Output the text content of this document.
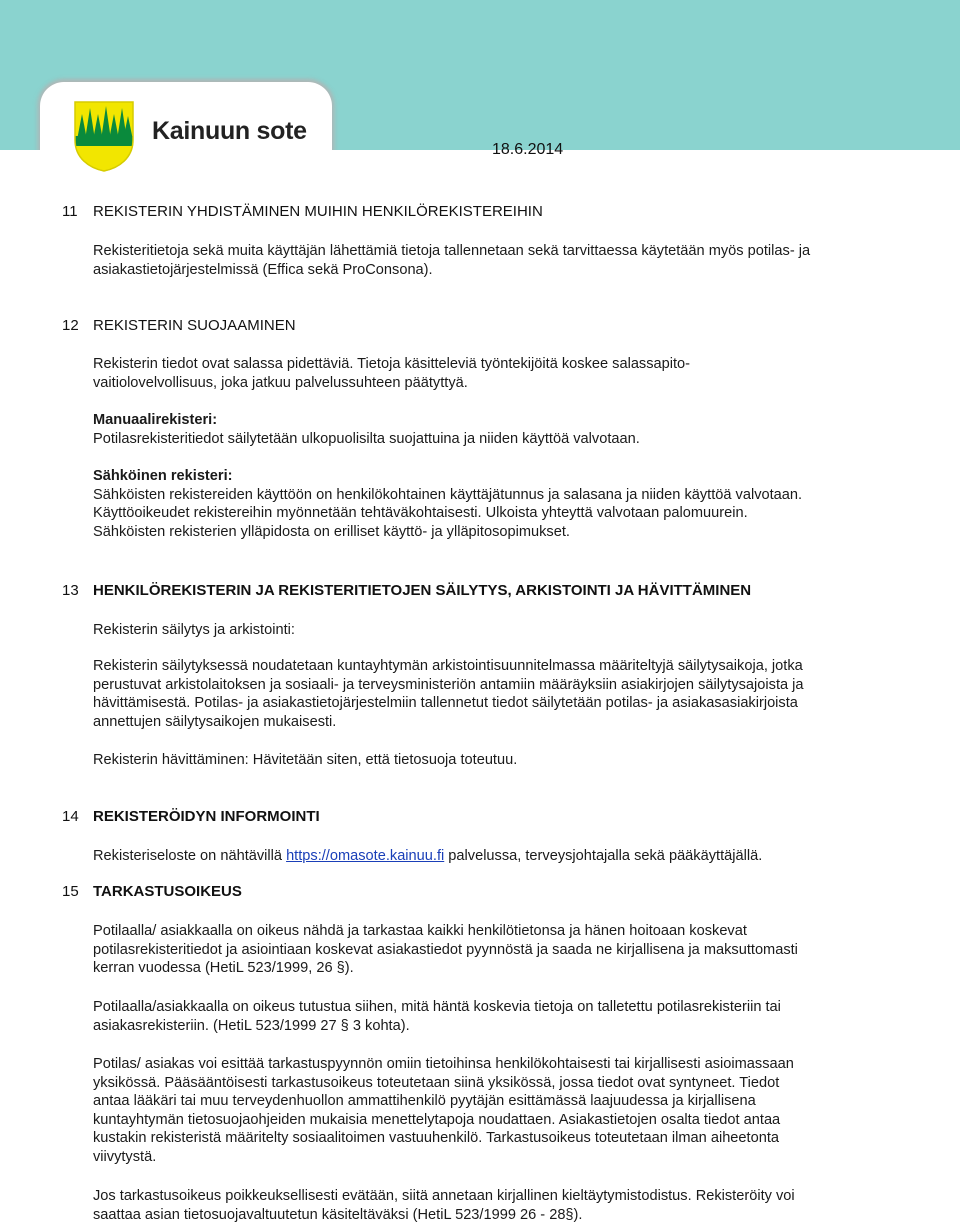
Kainuun sote
18.6.2014
11 REKISTERIN YHDISTÄMINEN MUIHIN HENKILÖREKISTEREIHIN
Rekisteritietoja sekä muita käyttäjän lähettämiä tietoja tallennetaan sekä tarvittaessa käytetään myös potilas- ja
asiakastietojärjestelmissä (Effica sekä ProConsona).
12 REKISTERIN SUOJAAMINEN
Rekisterin tiedot ovat salassa pidettäviä. Tietoja käsitteleviä työntekijöitä koskee salassapito-
vaitiolovelvollisuus, joka jatkuu palvelussuhteen päätyttyä.
Manuaalirekisteri:
Potilasrekisteritiedot säilytetään ulkopuolisilta suojattuina ja niiden käyttöä valvotaan.
Sähköinen rekisteri:
Sähköisten rekistereiden käyttöön on henkilökohtainen käyttäjätunnus ja salasana ja niiden käyttöä valvotaan.
Käyttöoikeudet rekistereihin myönnetään tehtäväkohtaisesti. Ulkoista yhteyttä valvotaan palomuurein.
Sähköisten rekisterien ylläpidosta on erilliset käyttö- ja ylläpitosopimukset.
13 HENKILÖREKISTERIN JA REKISTERITIETOJEN SÄILYTYS, ARKISTOINTI JA HÄVITTÄMINEN
Rekisterin säilytys ja arkistointi:
Rekisterin säilytyksessä noudatetaan kuntayhtymän arkistointisuunnitelmassa määriteltyjä säilytysaikoja, jotka
perustuvat arkistolaitoksen ja sosiaali- ja terveysministeriön antamiin määräyksiin asiakirjojen säilytysajoista ja
hävittämisestä. Potilas- ja asiakastietojärjestelmiin tallennetut tiedot säilytetään potilas- ja asiakasasiakirjoista
annettujen säilytysaikojen mukaisesti.
Rekisterin hävittäminen: Hävitetään siten, että tietosuoja toteutuu.
14 REKISTERÖIDYN INFORMOINTI
Rekisteriseloste on nähtävillä https://omasote.kainuu.fi palvelussa, terveysjohtajalla sekä pääkäyttäjällä.
15 TARKASTUSOIKEUS
Potilaalla/ asiakkaalla on oikeus nähdä ja tarkastaa kaikki henkilötietonsa ja hänen hoitoaan koskevat
potilasrekisteritiedot ja asiointiaan koskevat asiakastiedot pyynnöstä ja saada ne kirjallisena ja maksuttomasti
kerran vuodessa (HetiL 523/1999, 26 §).
Potilaalla/asiakkaalla on oikeus tutustua siihen, mitä häntä koskevia tietoja on talletettu potilasrekisteriin tai
asiakasrekisteriin. (HetiL 523/1999 27 § 3 kohta).
Potilas/ asiakas voi esittää tarkastuspyynnön omiin tietoihinsa henkilökohtaisesti tai kirjallisesti asioimassaan
yksikössä. Pääsääntöisesti tarkastusoikeus toteutetaan siinä yksikössä, jossa tiedot ovat syntyneet. Tiedot
antaa lääkäri tai muu terveydenhuollon ammattihenkilö pyytäjän esittämässä laajuudessa ja kirjallisena
kuntayhtymän tietosuojaohjeiden mukaisia menettelytapoja noudattaen. Asiakastietojen osalta tiedot antaa
kustakin rekisteristä määritelty sosiaalitoimen vastuuhenkilö. Tarkastusoikeus toteutetaan ilman aiheetonta
viivytystä.
Jos tarkastusoikeus poikkeuksellisesti evätään, siitä annetaan kirjallinen kieltäytymistodistus. Rekisteröity voi
saattaa asian tietosuojavaltuutetun käsiteltäväksi (HetiL 523/1999 26 - 28§).
